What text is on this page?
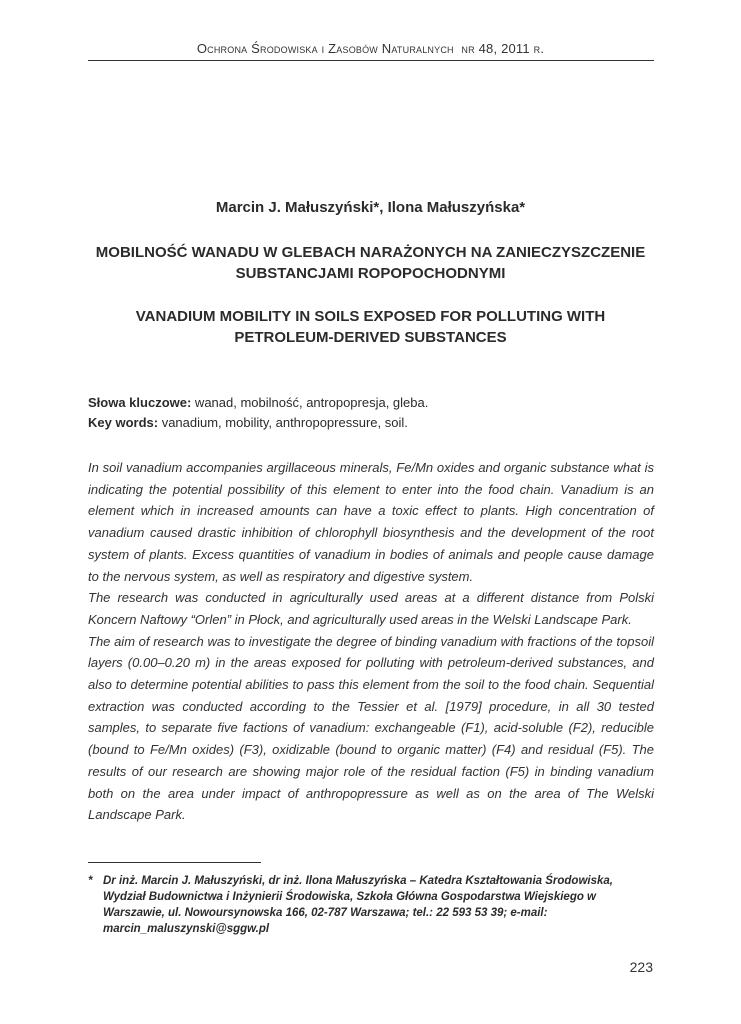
Ochrona Środowiska i Zasobów Naturalnych nr 48, 2011 r.
Marcin J. Małuszyński*, Ilona Małuszyńska*
MOBILNOŚĆ WANADU W GLEBACH NARAŻONYCH NA ZANIECZYSZCZENIE SUBSTANCJAMI ROPOPOCHODNYMI
VANADIUM MOBILITY IN SOILS EXPOSED FOR POLLUTING WITH PETROLEUM-DERIVED SUBSTANCES
Słowa kluczowe: wanad, mobilność, antropopresja, gleba.
Key words: vanadium, mobility, anthropopressure, soil.

In soil vanadium accompanies argillaceous minerals, Fe/Mn oxides and organic substance what is indicating the potential possibility of this element to enter into the food chain. Vanadium is an element which in increased amounts can have a toxic effect to plants. High concentration of vanadium caused drastic inhibition of chlorophyll biosynthesis and the development of the root system of plants. Excess quantities of vanadium in bodies of animals and people cause damage to the nervous system, as well as respiratory and digestive system.

The research was conducted in agriculturally used areas at a different distance from Polski Koncern Naftowy “Orlen” in Płock, and agriculturally used areas in the Welski Landscape Park.

The aim of research was to investigate the degree of binding vanadium with fractions of the topsoil layers (0.00–0.20 m) in the areas exposed for polluting with petroleum-derived substances, and also to determine potential abilities to pass this element from the soil to the food chain. Sequential extraction was conducted according to the Tessier et al. [1979] procedure, in all 30 tested samples, to separate five factions of vanadium: exchangeable (F1), acid-soluble (F2), reducible (bound to Fe/Mn oxides) (F3), oxidizable (bound to organic matter) (F4) and residual (F5). The results of our research are showing major role of the residual faction (F5) in binding vanadium both on the area under impact of anthropopressure as well as on the area of The Welski Landscape Park.

* Dr inż. Marcin J. Małuszyński, dr inż. Ilona Małuszyńska – Katedra Kształtowania Środowiska, Wydział Budownictwa i Inżynierii Środowiska, Szkoła Główna Gospodarstwa Wiejskiego w Warszawie, ul. Nowoursynowska 166, 02-787 Warszawa; tel.: 22 593 53 39; e-mail: marcin_maluszynski@sggw.pl
223
